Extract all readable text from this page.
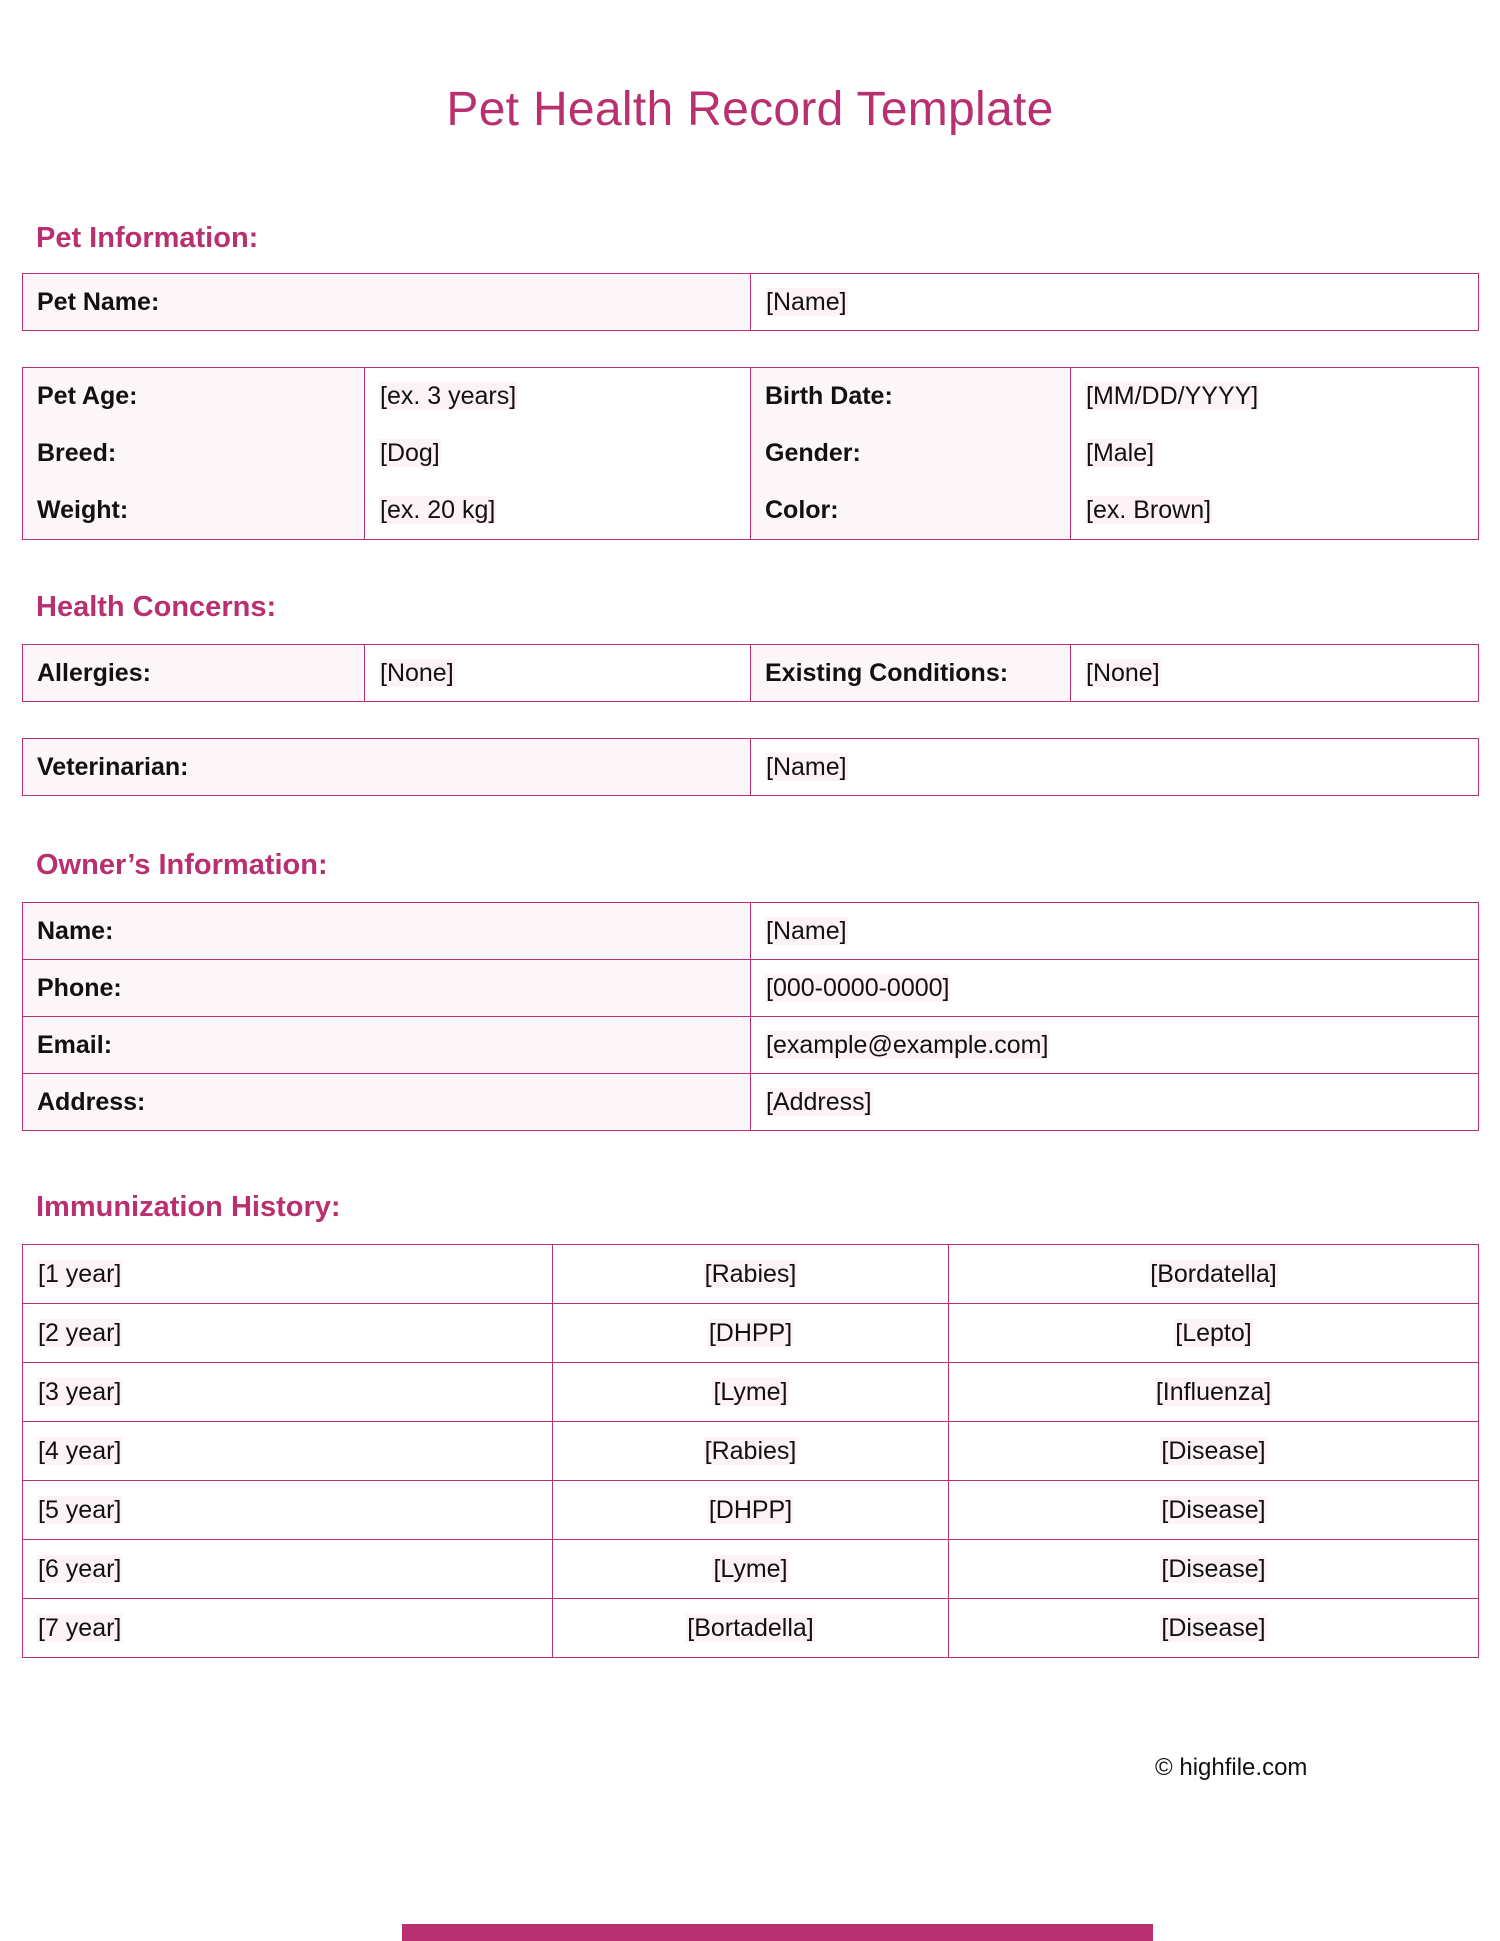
Pet Health Record Template
Pet Information:
Pet Name:	[Name]
Pet Age:	[ex. 3 years]	Birth Date:	[MM/DD/YYYY]
Breed:	[Dog]	Gender:	[Male]
Weight:	[ex. 20 kg]	Color:	[ex. Brown]
Health Concerns:
Allergies:	[None]	Existing Conditions:	[None]
Veterinarian:	[Name]
Owner’s Information:
Name:	[Name]
Phone:	[000-0000-0000]
Email:	[example@example.com]
Address:	[Address]
Immunization History:
[1 year]	[Rabies]	[Bordatella]
[2 year]	[DHPP]	[Lepto]
[3 year]	[Lyme]	[Influenza]
[4 year]	[Rabies]	[Disease]
[5 year]	[DHPP]	[Disease]
[6 year]	[Lyme]	[Disease]
[7 year]	[Bortadella]	[Disease]
© highfile.com
